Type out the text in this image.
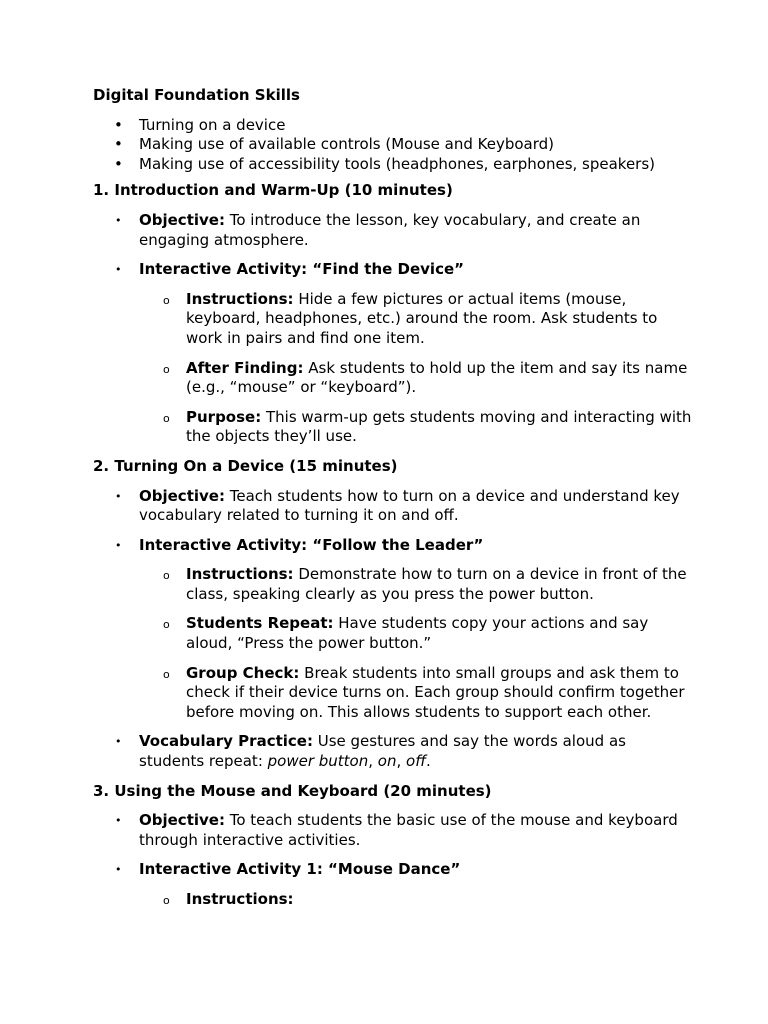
Digital Foundation Skills
• Turning on a device
• Making use of available controls (Mouse and Keyboard)
• Making use of accessibility tools (headphones, earphones, speakers)
1. Introduction and Warm-Up (10 minutes)
• Objective: To introduce the lesson, key vocabulary, and create an engaging atmosphere.
• Interactive Activity: “Find the Device”
o Instructions: Hide a few pictures or actual items (mouse, keyboard, headphones, etc.) around the room. Ask students to work in pairs and find one item.
o After Finding: Ask students to hold up the item and say its name (e.g., “mouse” or “keyboard”).
o Purpose: This warm-up gets students moving and interacting with the objects they’ll use.
2. Turning On a Device (15 minutes)
• Objective: Teach students how to turn on a device and understand key vocabulary related to turning it on and off.
• Interactive Activity: “Follow the Leader”
o Instructions: Demonstrate how to turn on a device in front of the class, speaking clearly as you press the power button.
o Students Repeat: Have students copy your actions and say aloud, “Press the power button.”
o Group Check: Break students into small groups and ask them to check if their device turns on. Each group should confirm together before moving on. This allows students to support each other.
• Vocabulary Practice: Use gestures and say the words aloud as students repeat: power button, on, off.
3. Using the Mouse and Keyboard (20 minutes)
• Objective: To teach students the basic use of the mouse and keyboard through interactive activities.
• Interactive Activity 1: “Mouse Dance”
o Instructions:
